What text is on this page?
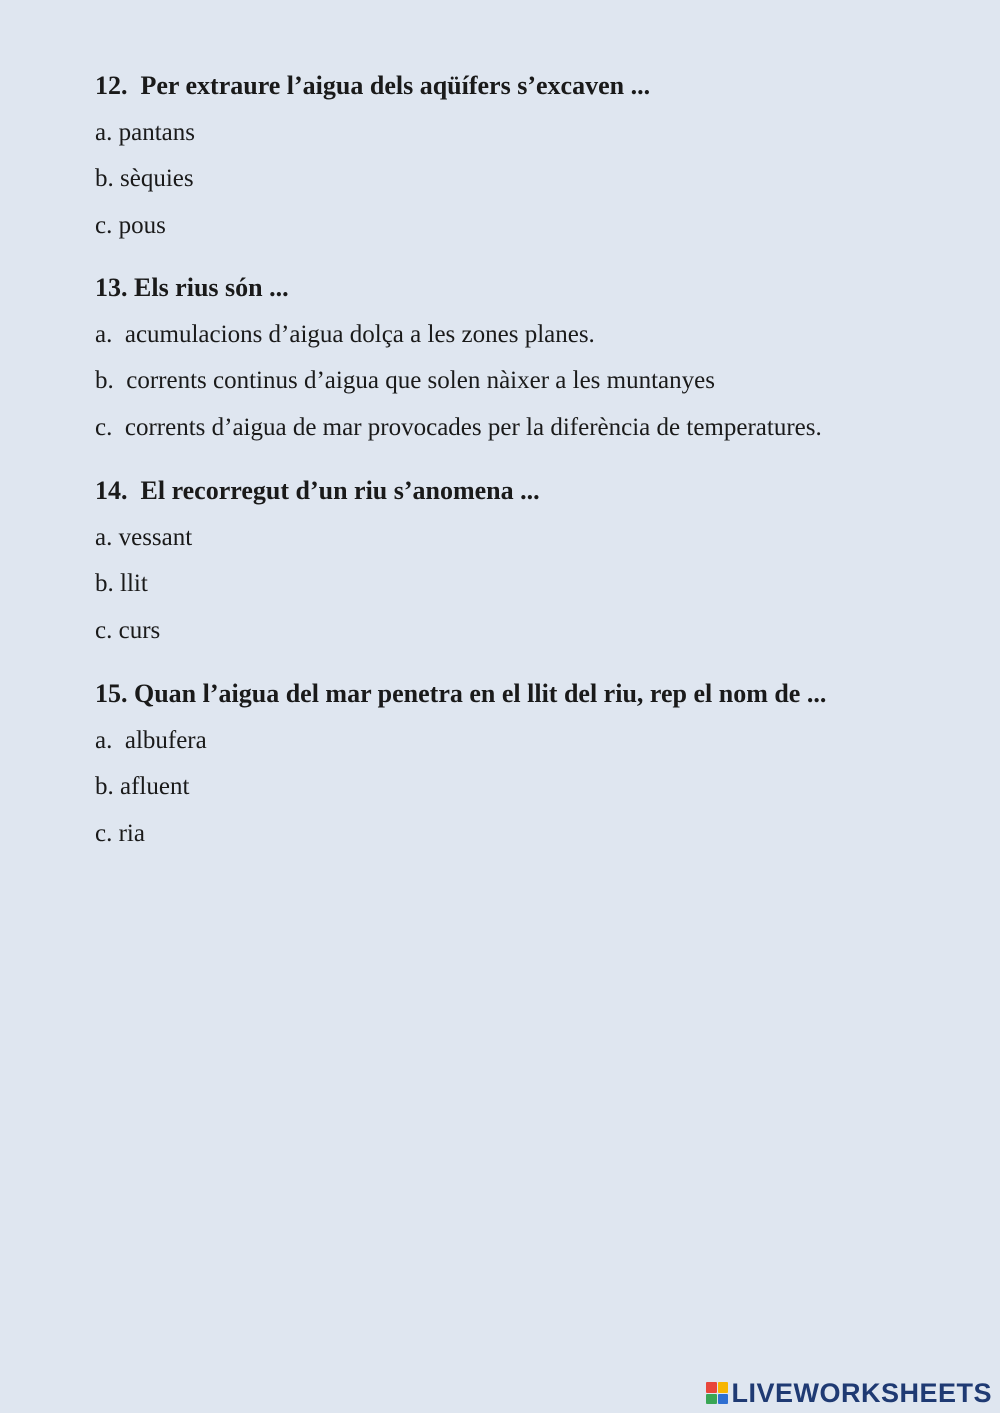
12.  Per extraure l’aigua dels aqüífers s’excaven ...

a. pantans
b. sèquies
c. pous

13. Els rius són ...

a.  acumulacions d’aigua dolça a les zones planes.
b.  corrents continus d’aigua que solen nàixer a les muntanyes
c.  corrents d’aigua de mar provocades per la diferència de temperatures.

14.  El recorregut d’un riu s’anomena ...

a. vessant
b. llit
c. curs

15. Quan l’aigua del mar penetra en el llit del riu, rep el nom de ...

a.  albufera
b. afluent
c. ria
LIVEWORKSHEETS
